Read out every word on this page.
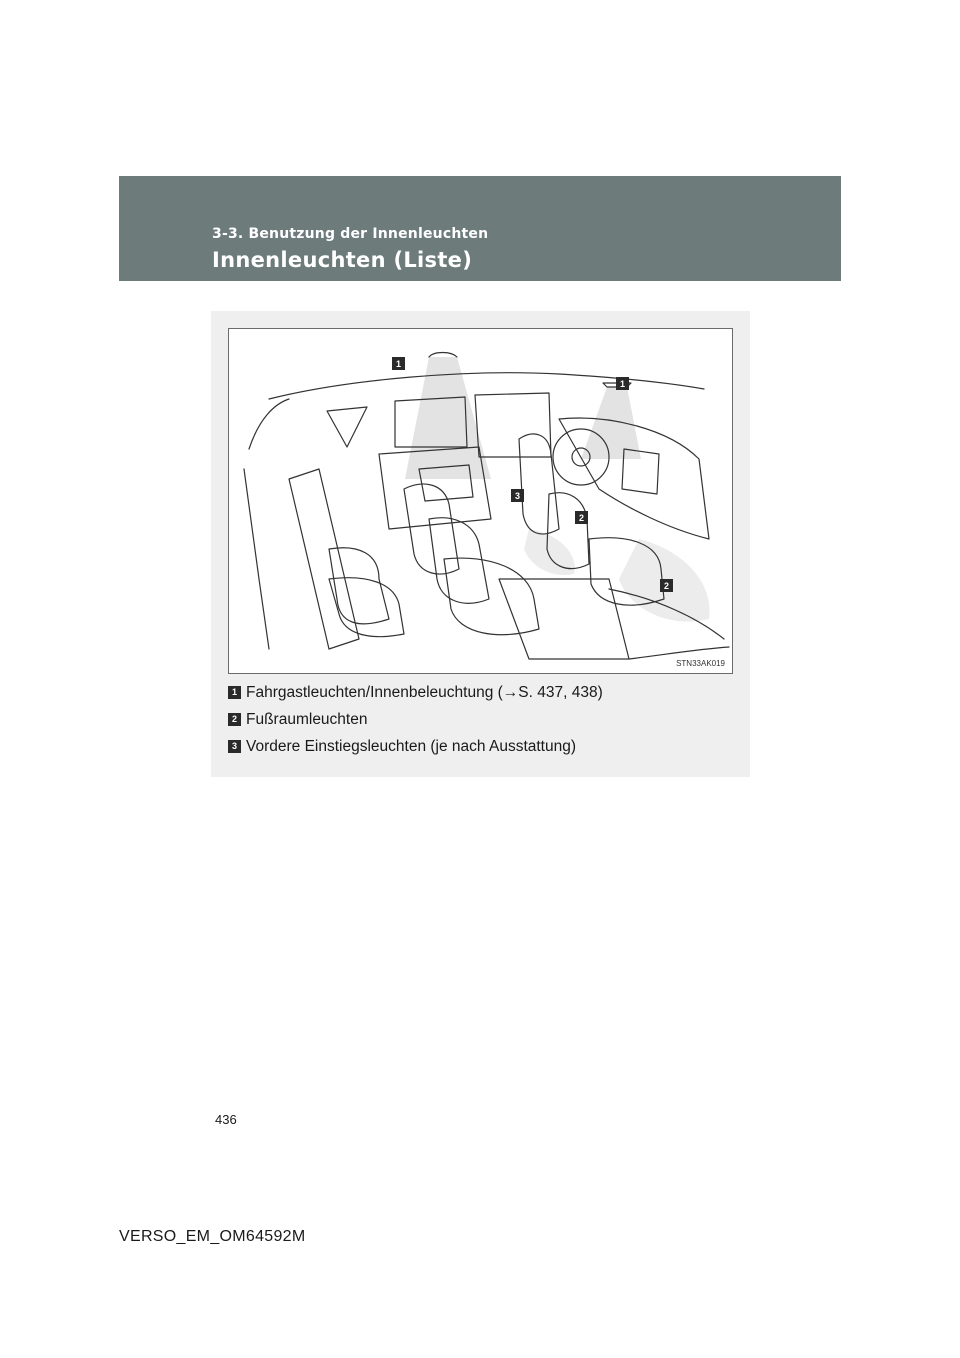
3-3. Benutzung der Innenleuchten

Innenleuchten (Liste)
1
1
3
2
2
STN33AK019
1 Fahrgastleuchten/Innenbeleuchtung (→S. 437, 438)
2 Fußraumleuchten
3 Vordere Einstiegsleuchten (je nach Ausstattung)
436
VERSO_EM_OM64592M
